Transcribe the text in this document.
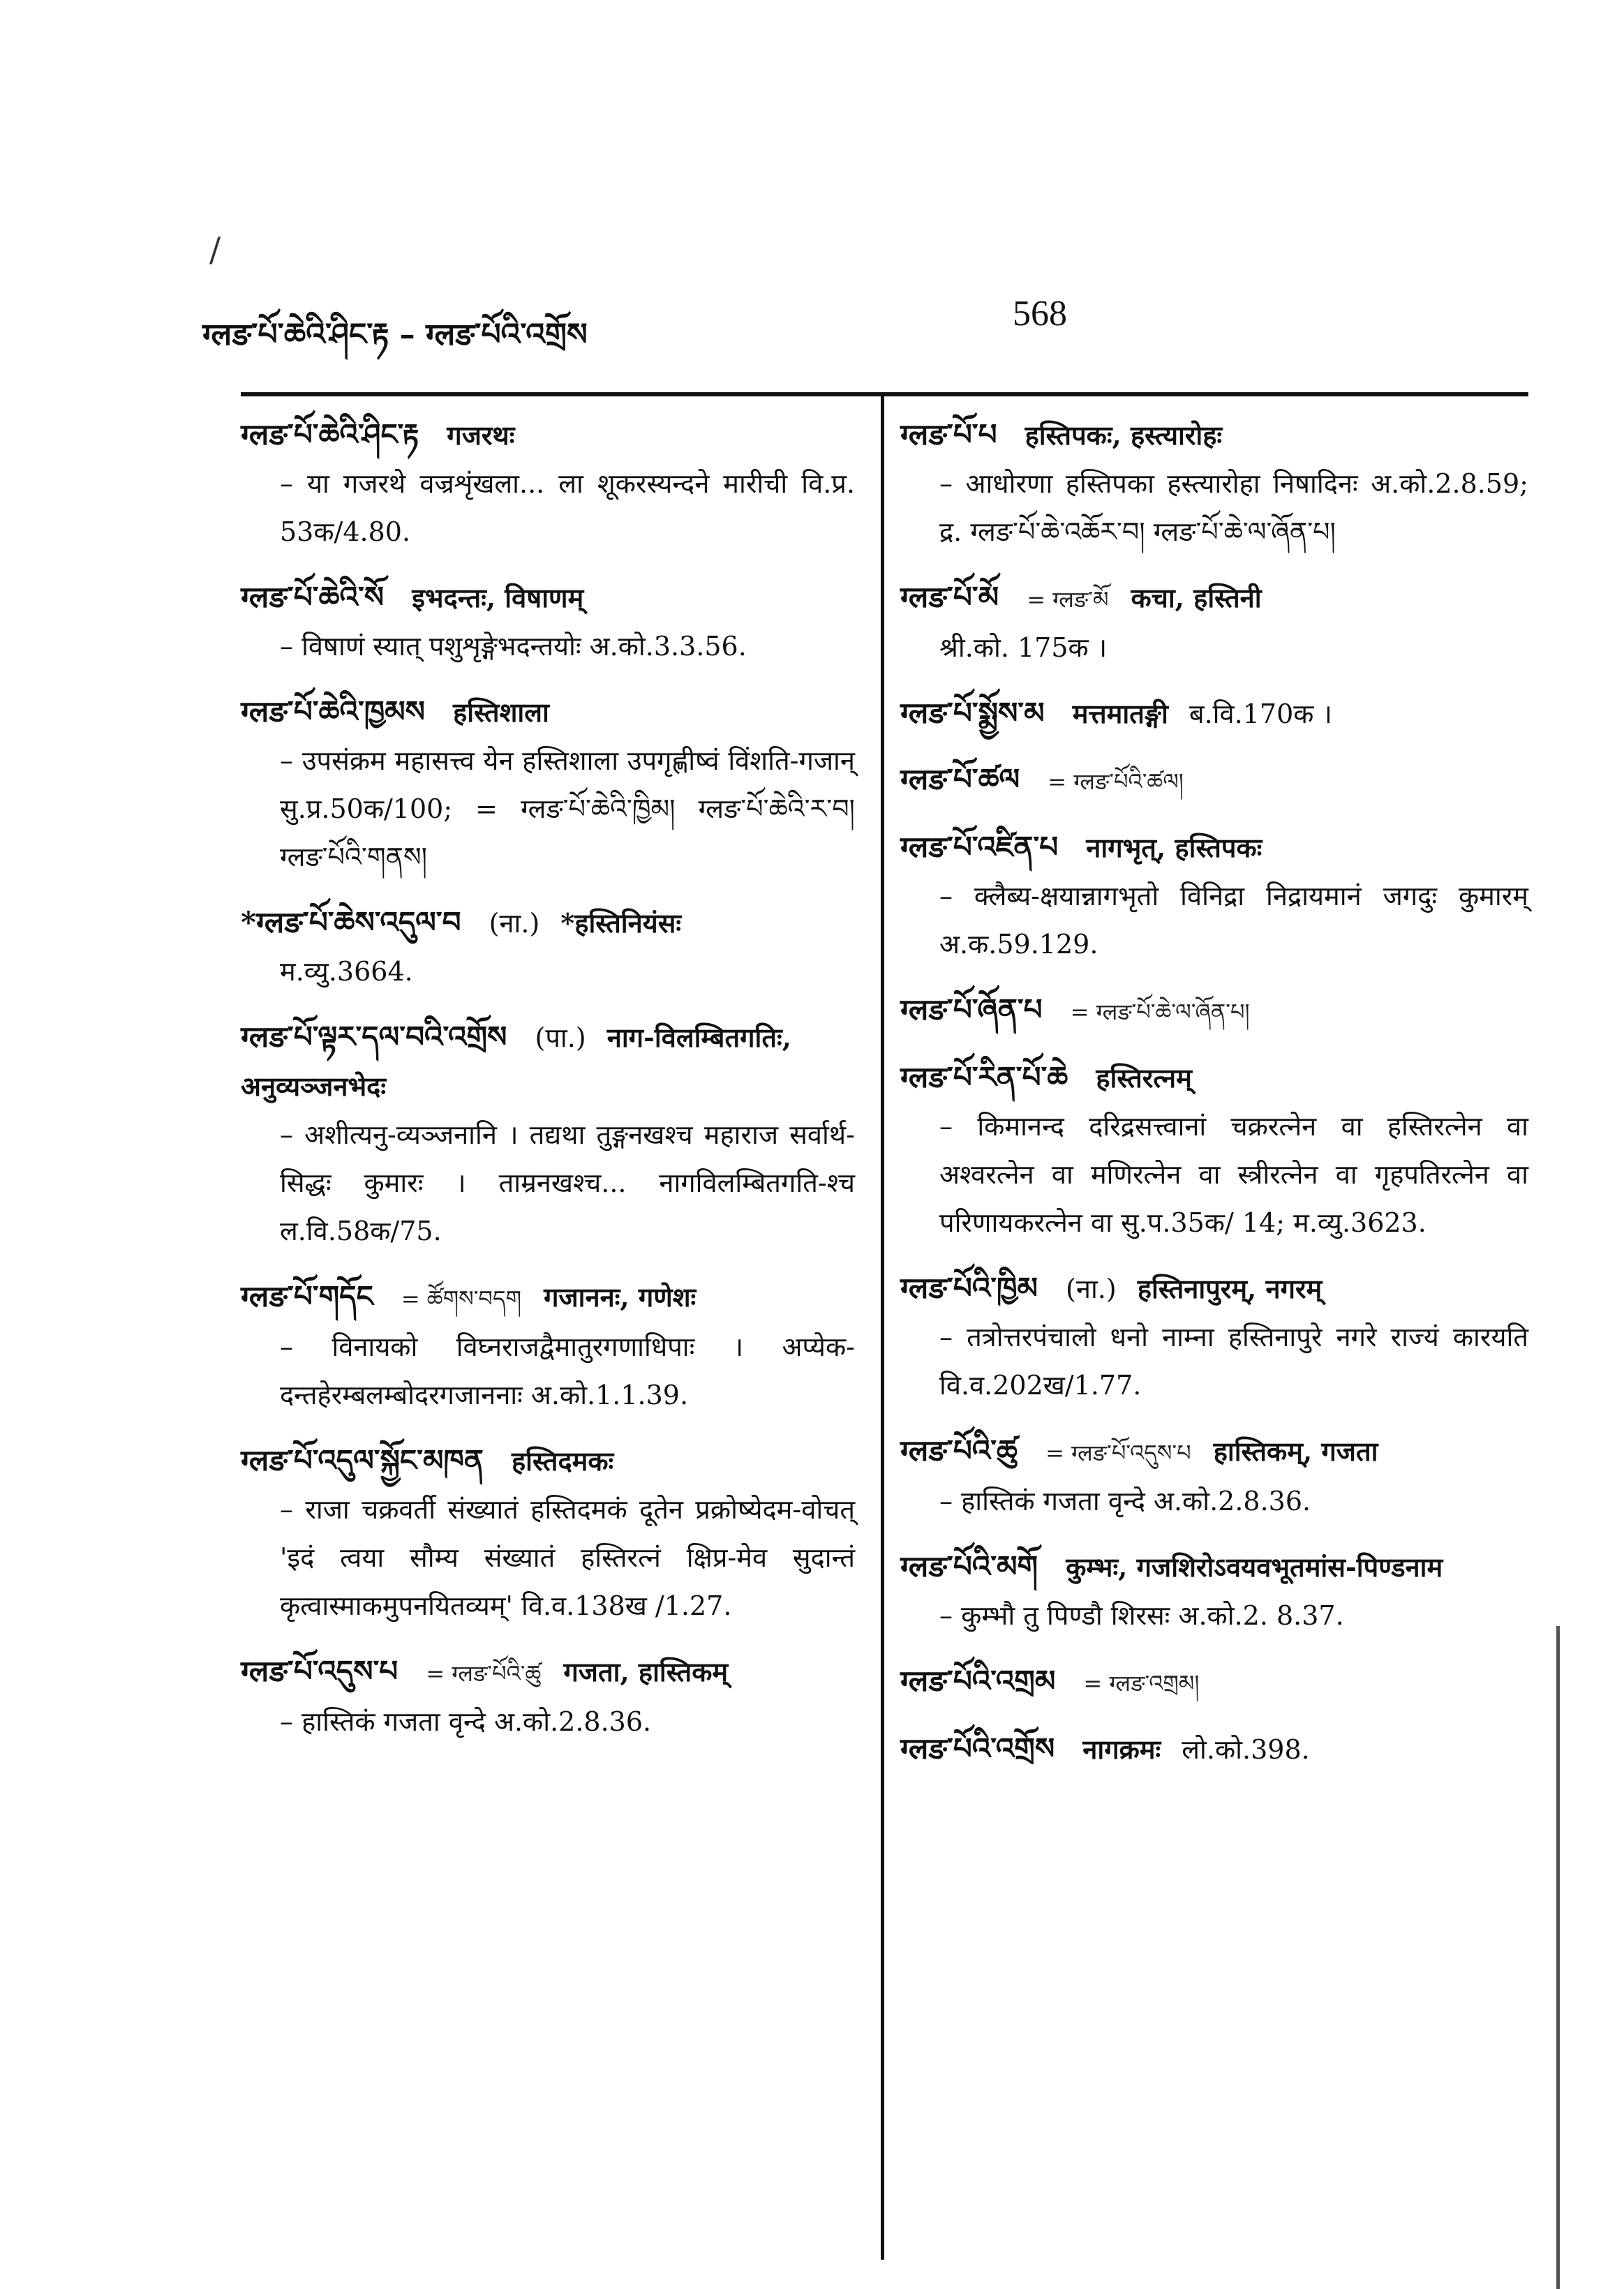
/
ग्लङ་པོ་ཆེའི་ཤིང་རྟ – ग्लङ་པོའི་འགྲོས
568
ग्लङ་པོ་ཆེའི་ཤིང་རྟ गजरथः
– या गजरथे वज्रशृंखला... ला शूकरस्यन्दने मारीची वि.प्र. 53क/4.80.
ग्लङ་པོ་ཆེའི་སོ इभदन्तः, विषाणम्
– विषाणं स्यात् पशुशृङ्गेभदन्तयोः अ.को.3.3.56.
ग्लङ་པོ་ཆེའི་ཁྱམས हस्तिशाला
– उपसंक्रम महासत्त्व येन हस्तिशाला उपगृह्णीष्वं विंशति-गजान् सु.प्र.50क/100; = ग्लङ་པོ་ཆེའི་ཁྱིམ། ग्लङ་པོ་ཆེའི་ར་བ། ग्लङ་པོའི་གནས།
*ग्लङ་པོ་ཆེས་འདུལ་བ (ना.) *हस्तिनियंसः
म.व्यु.3664.
ग्लङ་པོ་ལྟར་དལ་བའི་འགྲོས (पा.) नाग-विलम्बितगतिः, अनुव्यञ्जनभेदः
– अशीत्यनु-व्यञ्जनानि । तद्यथा तुङ्गनखश्च महाराज सर्वार्थ-सिद्धः कुमारः । ताम्रनखश्च... नागविलम्बितगति-श्च ल.वि.58क/75.
ग्लङ་པོ་གདོང = ཚོགས་བདག गजाननः, गणेशः
– विनायको विघ्नराजद्वैमातुरगणाधिपाः । अप्येक-दन्तहेरम्बलम्बोदरगजाननाः अ.को.1.1.39.
ग्लङ་པོ་འདུལ་སྐྱོང་མཁན हस्तिदमकः
– राजा चक्रवर्ती संख्यातं हस्तिदमकं दूतेन प्रक्रोष्येदम-वोचत् 'इदं त्वया सौम्य संख्यातं हस्तिरत्नं क्षिप्र-मेव सुदान्तं कृत्वास्माकमुपनयितव्यम्' वि.व.138ख /1.27.
ग्लङ་པོ་འདུས་པ = ग्लङ་པོའི་ཚུ गजता, हास्तिकम्
– हास्तिकं गजता वृन्दे अ.को.2.8.36.
ग्लङ་པོ་པ हस्तिपकः, हस्त्यारोहः
– आधोरणा हस्तिपका हस्त्यारोहा निषादिनः अ.को.2.8.59; द्र. ग्लङ་པོ་ཆེ་འཆོར་བ། ग्लङ་པོ་ཆེ་ལ་ཞོན་པ།
ग्लङ་པོ་མོ = ग्लङ་མོ कचा, हस्तिनी
श्री.को. 175क ।
ग्लङ་པོ་སྨྱོས་མ मत्तमातङ्गी ब.वि.170क ।
ग्लङ་པོ་ཚལ = ग्लङ་པོའི་ཚལ།
ग्लङ་པོ་འཛིན་པ नागभृत्, हस्तिपकः
– क्लैब्य-क्षयान्नागभृतो विनिद्रा निद्रायमानं जगदुः कुमारम् अ.क.59.129.
ग्लङ་པོ་ཞོན་པ = ग्लङ་པོ་ཆེ་ལ་ཞོན་པ།
ग्लङ་པོ་རིན་པོ་ཆེ हस्तिरत्नम्
– किमानन्द दरिद्रसत्त्वानां चक्ररत्नेन वा हस्तिरत्नेन वा अश्वरत्नेन वा मणिरत्नेन वा स्त्रीरत्नेन वा गृहपतिरत्नेन वा परिणायकरत्नेन वा सु.प.35क/ 14; म.व्यु.3623.
ग्लङ་པོའི་ཁྱིམ (ना.) हस्तिनापुरम्, नगरम्
– तत्रोत्तरपंचालो धनो नाम्ना हस्तिनापुरे नगरे राज्यं कारयति वि.व.202ख/1.77.
ग्लङ་པོའི་ཚུ = ग्लङ་པོ་འདུས་པ हास्तिकम्, गजता
– हास्तिकं गजता वृन्दे अ.को.2.8.36.
ग्लङ་པོའི་མགོ कुम्भः, गजशिरोऽवयवभूतमांस-पिण्डनाम
– कुम्भौ तु पिण्डौ शिरसः अ.को.2. 8.37.
ग्लङ་པོའི་འགྲམ = ग्लङ་འགྲམ།
ग्लङ་པོའི་འགྲོས नागक्रमः लो.को.398.
